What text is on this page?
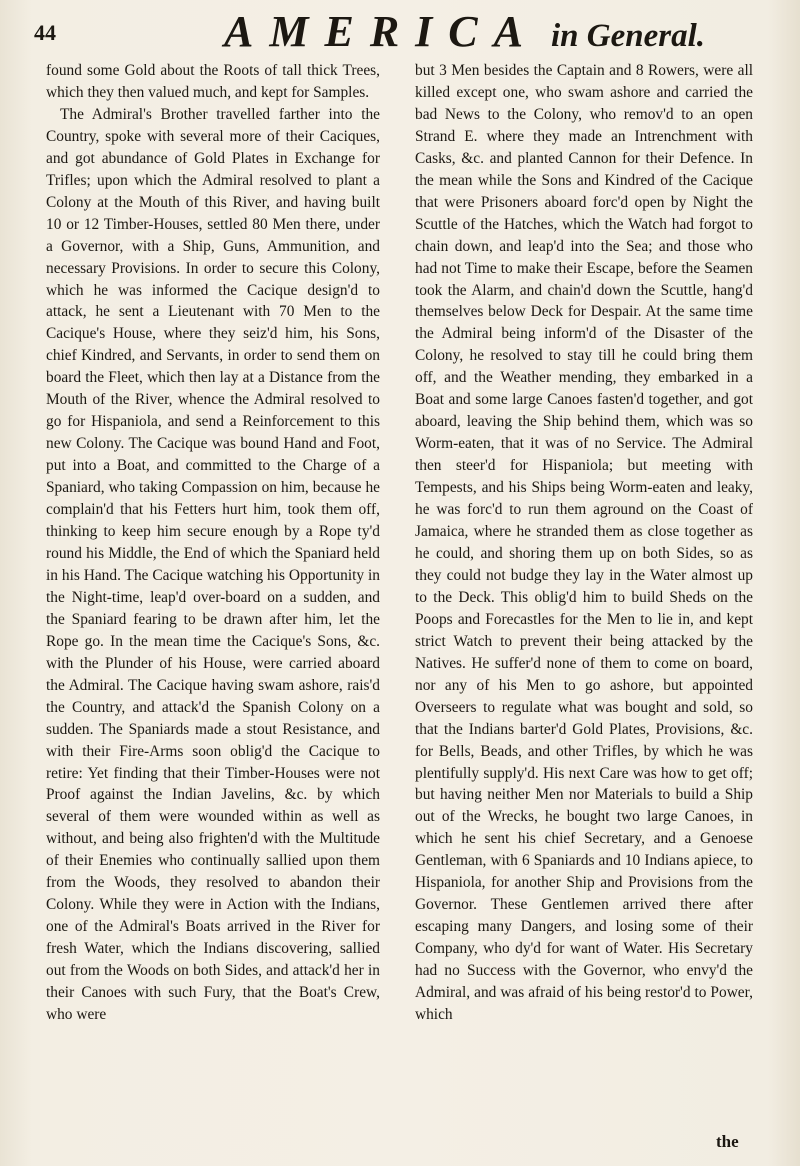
44	AMERICA in General.

found some Gold about the Roots of tall thick Trees, which they then valued much, and kept for Samples.

The Admiral's Brother travelled farther into the Country, spoke with several more of their Caciques, and got abundance of Gold Plates in Exchange for Trifles; upon which the Admiral resolved to plant a Colony at the Mouth of this River, and having built 10 or 12 Timber-Houses, settled 80 Men there, under a Governor, with a Ship, Guns, Ammunition, and necessary Provisions. In order to secure this Colony, which he was informed the Cacique design'd to attack, he sent a Lieutenant with 70 Men to the Cacique's House, where they seiz'd him, his Sons, chief Kindred, and Servants, in order to send them on board the Fleet, which then lay at a Distance from the Mouth of the River, whence the Admiral resolved to go for Hispaniola, and send a Reinforcement to this new Colony. The Cacique was bound Hand and Foot, put into a Boat, and committed to the Charge of a Spaniard, who taking Compassion on him, because he complain'd that his Fetters hurt him, took them off, thinking to keep him secure enough by a Rope ty'd round his Middle, the End of which the Spaniard held in his Hand. The Cacique watching his Opportunity in the Night-time, leap'd over-board on a sudden, and the Spaniard fearing to be drawn after him, let the Rope go. In the mean time the Cacique's Sons, &c. with the Plunder of his House, were carried aboard the Admiral. The Cacique having swam ashore, rais'd the Country, and attack'd the Spanish Colony on a sudden. The Spaniards made a stout Resistance, and with their Fire-Arms soon oblig'd the Cacique to retire: Yet finding that their Timber-Houses were not Proof against the Indian Javelins, &c. by which several of them were wounded within as well as without, and being also frighten'd with the Multitude of their Enemies who continually sallied upon them from the Woods, they resolved to abandon their Colony. While they were in Action with the Indians, one of the Admiral's Boats arrived in the River for fresh Water, which the Indians discovering, sallied out from the Woods on both Sides, and attack'd her in their Canoes with such Fury, that the Boat's Crew, who were

but 3 Men besides the Captain and 8 Rowers, were all killed except one, who swam ashore and carried the bad News to the Colony, who remov'd to an open Strand E. where they made an Intrenchment with Casks, &c. and planted Cannon for their Defence. In the mean while the Sons and Kindred of the Cacique that were Prisoners aboard forc'd open by Night the Scuttle of the Hatches, which the Watch had forgot to chain down, and leap'd into the Sea; and those who had not Time to make their Escape, before the Seamen took the Alarm, and chain'd down the Scuttle, hang'd themselves below Deck for Despair. At the same time the Admiral being inform'd of the Disaster of the Colony, he resolved to stay till he could bring them off, and the Weather mending, they embarked in a Boat and some large Canoes fasten'd together, and got aboard, leaving the Ship behind them, which was so Worm-eaten, that it was of no Service. The Admiral then steer'd for Hispaniola; but meeting with Tempests, and his Ships being Worm-eaten and leaky, he was forc'd to run them aground on the Coast of Jamaica, where he stranded them as close together as he could, and shoring them up on both Sides, so as they could not budge they lay in the Water almost up to the Deck. This oblig'd him to build Sheds on the Poops and Forecastles for the Men to lie in, and kept strict Watch to prevent their being attacked by the Natives. He suffer'd none of them to come on board, nor any of his Men to go ashore, but appointed Overseers to regulate what was bought and sold, so that the Indians barter'd Gold Plates, Provisions, &c. for Bells, Beads, and other Trifles, by which he was plentifully supply'd. His next Care was how to get off; but having neither Men nor Materials to build a Ship out of the Wrecks, he bought two large Canoes, in which he sent his chief Secretary, and a Genoese Gentleman, with 6 Spaniards and 10 Indians apiece, to Hispaniola, for another Ship and Provisions from the Governor. These Gentlemen arrived there after escaping many Dangers, and losing some of their Company, who dy'd for want of Water. His Secretary had no Success with the Governor, who envy'd the Admiral, and was afraid of his being restor'd to Power, which

the
